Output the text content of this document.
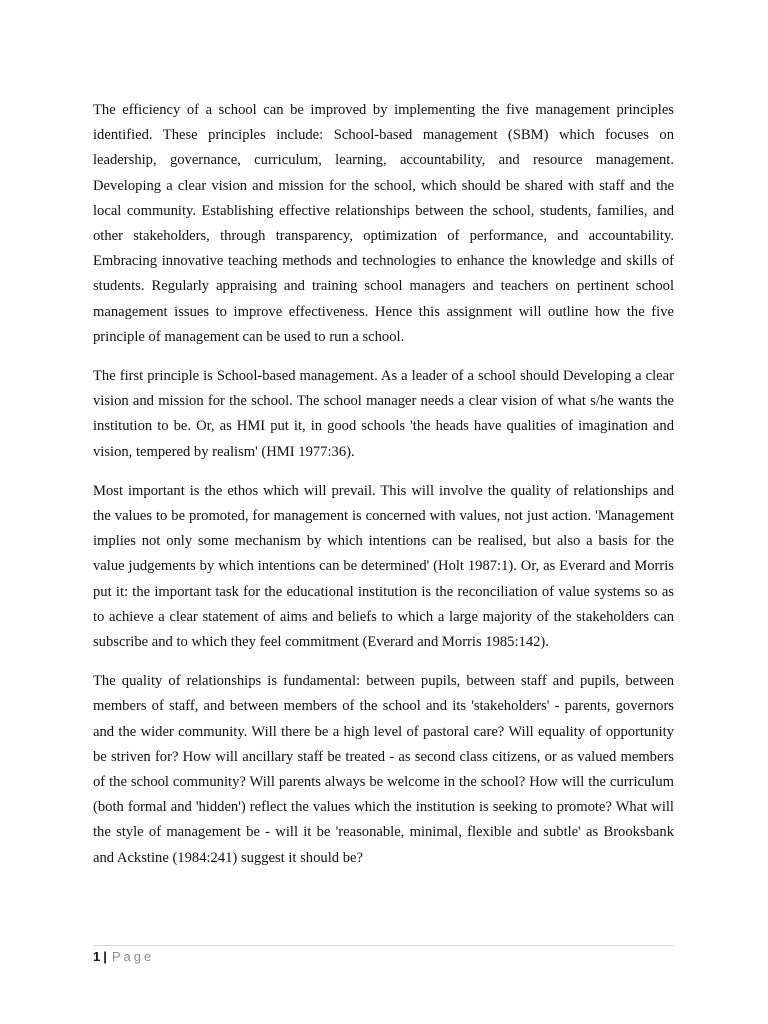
The efficiency of a school can be improved by implementing the five management principles identified. These principles include: School-based management (SBM) which focuses on leadership, governance, curriculum, learning, accountability, and resource management. Developing a clear vision and mission for the school, which should be shared with staff and the local community. Establishing effective relationships between the school, students, families, and other stakeholders, through transparency, optimization of performance, and accountability. Embracing innovative teaching methods and technologies to enhance the knowledge and skills of students. Regularly appraising and training school managers and teachers on pertinent school management issues to improve effectiveness. Hence this assignment will outline how the five principle of management can be used to run a school.

The first principle is School-based management. As a leader of a school should Developing a clear vision and mission for the school. The school manager needs a clear vision of what s/he wants the institution to be. Or, as HMI put it, in good schools 'the heads have qualities of imagination and vision, tempered by realism' (HMI 1977:36).

Most important is the ethos which will prevail. This will involve the quality of relationships and the values to be promoted, for management is concerned with values, not just action. 'Management implies not only some mechanism by which intentions can be realised, but also a basis for the value judgements by which intentions can be determined' (Holt 1987:1). Or, as Everard and Morris put it: the important task for the educational institution is the reconciliation of value systems so as to achieve a clear statement of aims and beliefs to which a large majority of the stakeholders can subscribe and to which they feel commitment (Everard and Morris 1985:142).

The quality of relationships is fundamental: between pupils, between staff and pupils, between members of staff, and between members of the school and its 'stakeholders' - parents, governors and the wider community. Will there be a high level of pastoral care? Will equality of opportunity be striven for? How will ancillary staff be treated - as second class citizens, or as valued members of the school community? Will parents always be welcome in the school? How will the curriculum (both formal and 'hidden') reflect the values which the institution is seeking to promote? What will the style of management be - will it be 'reasonable, minimal, flexible and subtle' as Brooksbank and Ackstine (1984:241) suggest it should be?

1 | Page
